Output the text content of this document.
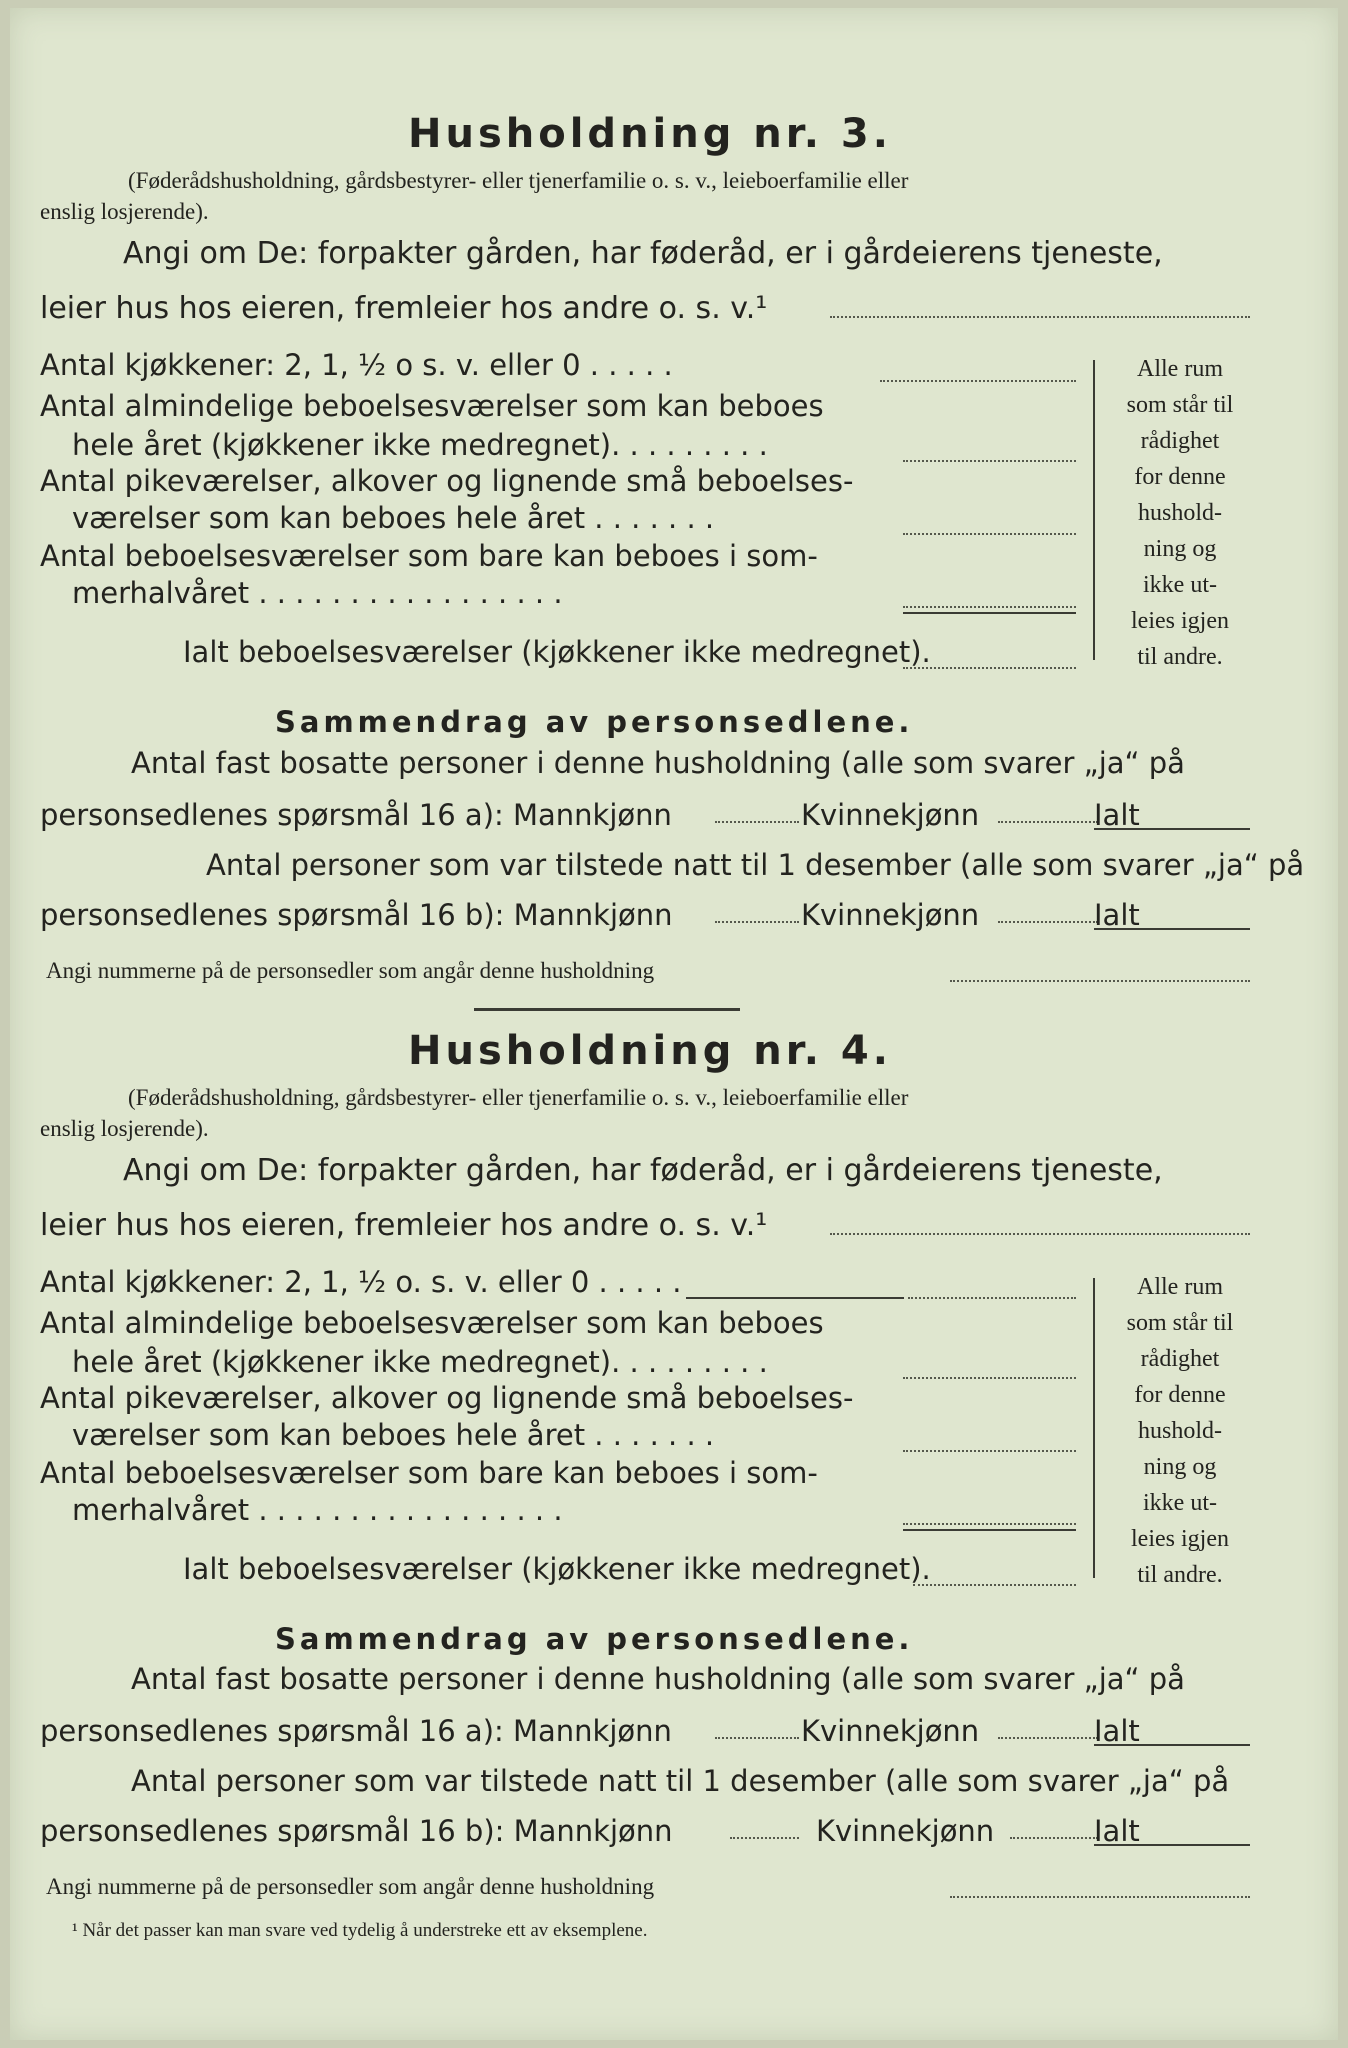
Husholdning nr. 3.
(Føderådshusholdning, gårdsbestyrer- eller tjenerfamilie o. s. v., leieboerfamilie eller
enslig losjerende).
Angi om De: forpakter gården, har føderåd, er i gårdeierens tjeneste,
leier hus hos eieren, fremleier hos andre o. s. v.¹
Antal kjøkkener: 2, 1, ½ o s. v. eller 0 . . . . .
Antal almindelige beboelsesværelser som kan beboes
hele året (kjøkkener ikke medregnet). . . . . . . . .
Antal pikeværelser, alkover og lignende små beboelses-
værelser som kan beboes hele året . . . . . . .
Antal beboelsesværelser som bare kan beboes i som-
merhalvåret . . . . . . . . . . . . . . . . .
Ialt beboelsesværelser (kjøkkener ikke medregnet).
Alle rum
som står til
rådighet
for denne
hushold-
ning og
ikke ut-
leies igjen
til andre.
Sammendrag av personsedlene.
Antal fast bosatte personer i denne husholdning (alle som svarer „ja“ på
personsedlenes spørsmål 16 a): Mannkjønn	Kvinnekjønn	Ialt
Antal personer som var tilstede natt til 1 desember (alle som svarer „ja“ på
personsedlenes spørsmål 16 b): Mannkjønn	Kvinnekjønn	Ialt
Angi nummerne på de personsedler som angår denne husholdning
Husholdning nr. 4.
(Føderådshusholdning, gårdsbestyrer- eller tjenerfamilie o. s. v., leieboerfamilie eller
enslig losjerende).
Angi om De: forpakter gården, har føderåd, er i gårdeierens tjeneste,
leier hus hos eieren, fremleier hos andre o. s. v.¹
Antal kjøkkener: 2, 1, ½ o. s. v. eller 0 . . . . .
Antal almindelige beboelsesværelser som kan beboes
hele året (kjøkkener ikke medregnet). . . . . . . . .
Antal pikeværelser, alkover og lignende små beboelses-
værelser som kan beboes hele året . . . . . . .
Antal beboelsesværelser som bare kan beboes i som-
merhalvåret . . . . . . . . . . . . . . . . .
Ialt beboelsesværelser (kjøkkener ikke medregnet).
Alle rum
som står til
rådighet
for denne
hushold-
ning og
ikke ut-
leies igjen
til andre.
Sammendrag av personsedlene.
Antal fast bosatte personer i denne husholdning (alle som svarer „ja“ på
personsedlenes spørsmål 16 a): Mannkjønn	Kvinnekjønn	Ialt
Antal personer som var tilstede natt til 1 desember (alle som svarer „ja“ på
personsedlenes spørsmål 16 b): Mannkjønn	Kvinnekjønn	Ialt
Angi nummerne på de personsedler som angår denne husholdning
¹ Når det passer kan man svare ved tydelig å understreke ett av eksemplene.
